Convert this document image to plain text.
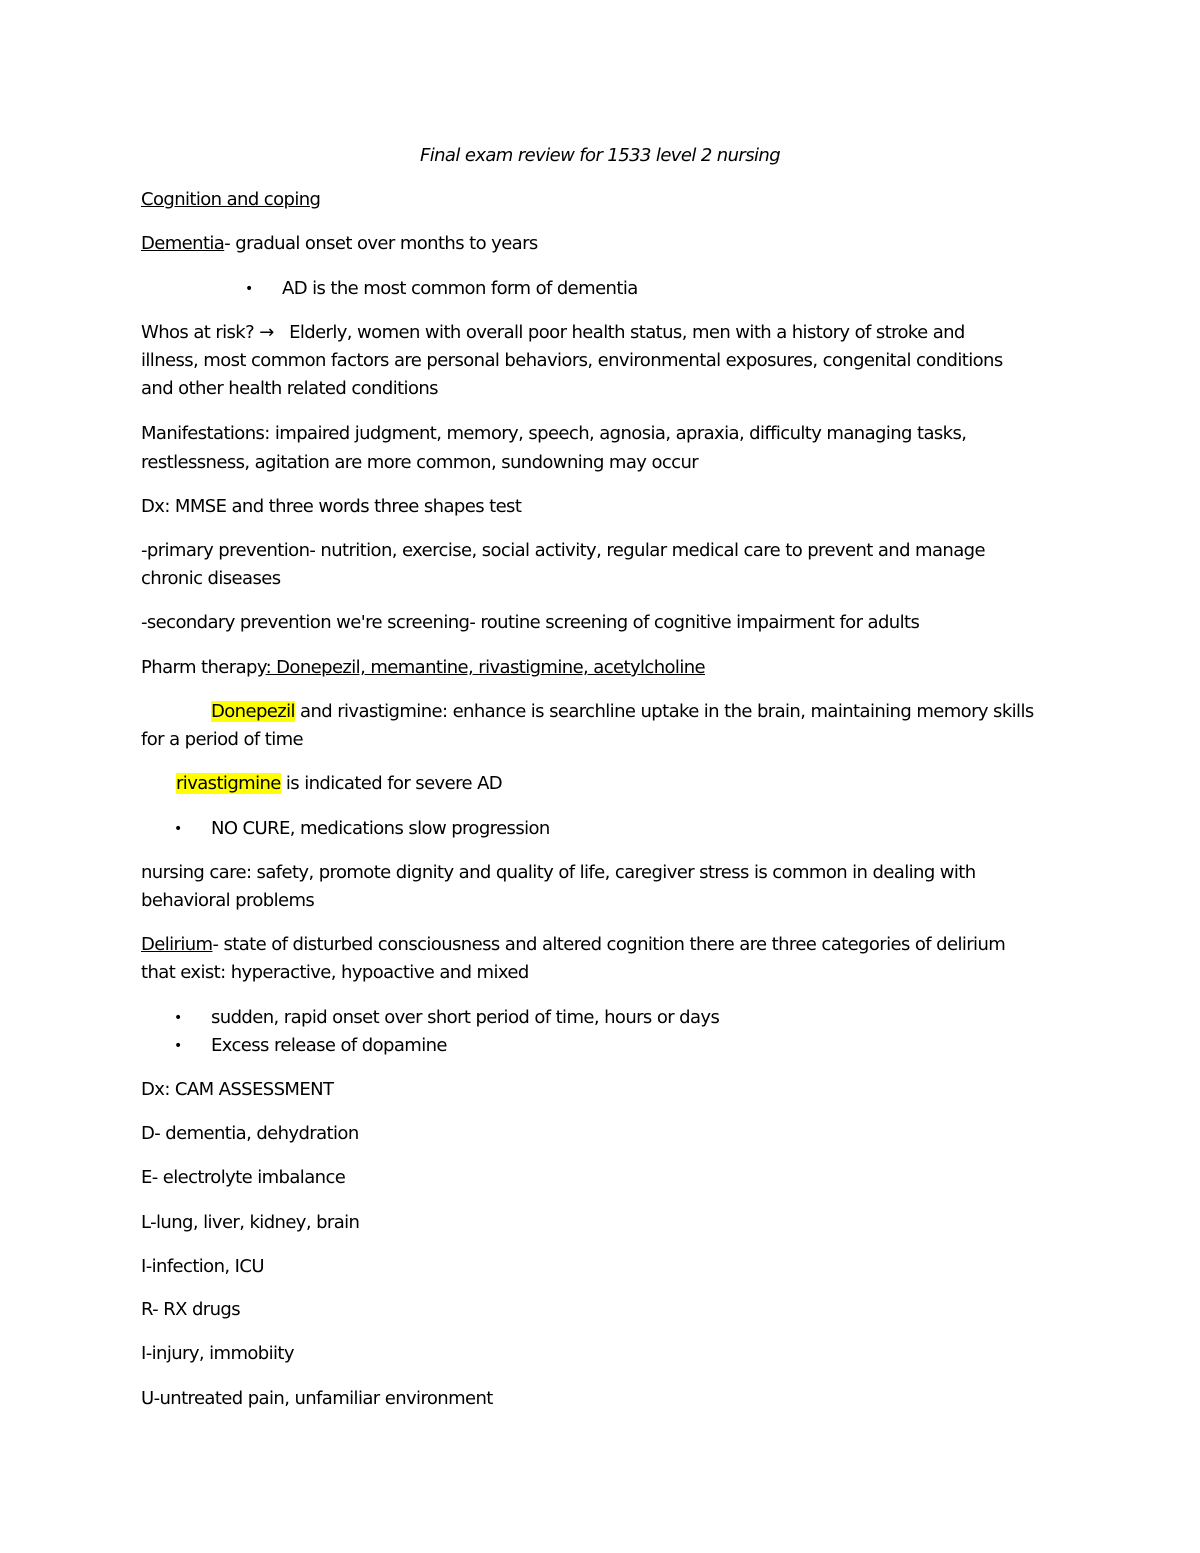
Final exam review for 1533 level 2 nursing
Cognition and coping
Dementia- gradual onset over months to years
• AD is the most common form of dementia
Whos at risk? → Elderly, women with overall poor health status, men with a history of stroke and
illness, most common factors are personal behaviors, environmental exposures, congenital conditions
and other health related conditions
Manifestations: impaired judgment, memory, speech, agnosia, apraxia, difficulty managing tasks,
restlessness, agitation are more common, sundowning may occur
Dx: MMSE and three words three shapes test
-primary prevention- nutrition, exercise, social activity, regular medical care to prevent and manage
chronic diseases
-secondary prevention we're screening- routine screening of cognitive impairment for adults
Pharm therapy: Donepezil, memantine, rivastigmine, acetylcholine
Donepezil and rivastigmine: enhance is searchline uptake in the brain, maintaining memory skills
for a period of time
rivastigmine is indicated for severe AD
• NO CURE, medications slow progression
nursing care: safety, promote dignity and quality of life, caregiver stress is common in dealing with
behavioral problems
Delirium- state of disturbed consciousness and altered cognition there are three categories of delirium
that exist: hyperactive, hypoactive and mixed
• sudden, rapid onset over short period of time, hours or days
• Excess release of dopamine
Dx: CAM ASSESSMENT
D- dementia, dehydration
E- electrolyte imbalance
L-lung, liver, kidney, brain
I-infection, ICU
R- RX drugs
I-injury, immobiity
U-untreated pain, unfamiliar environment
